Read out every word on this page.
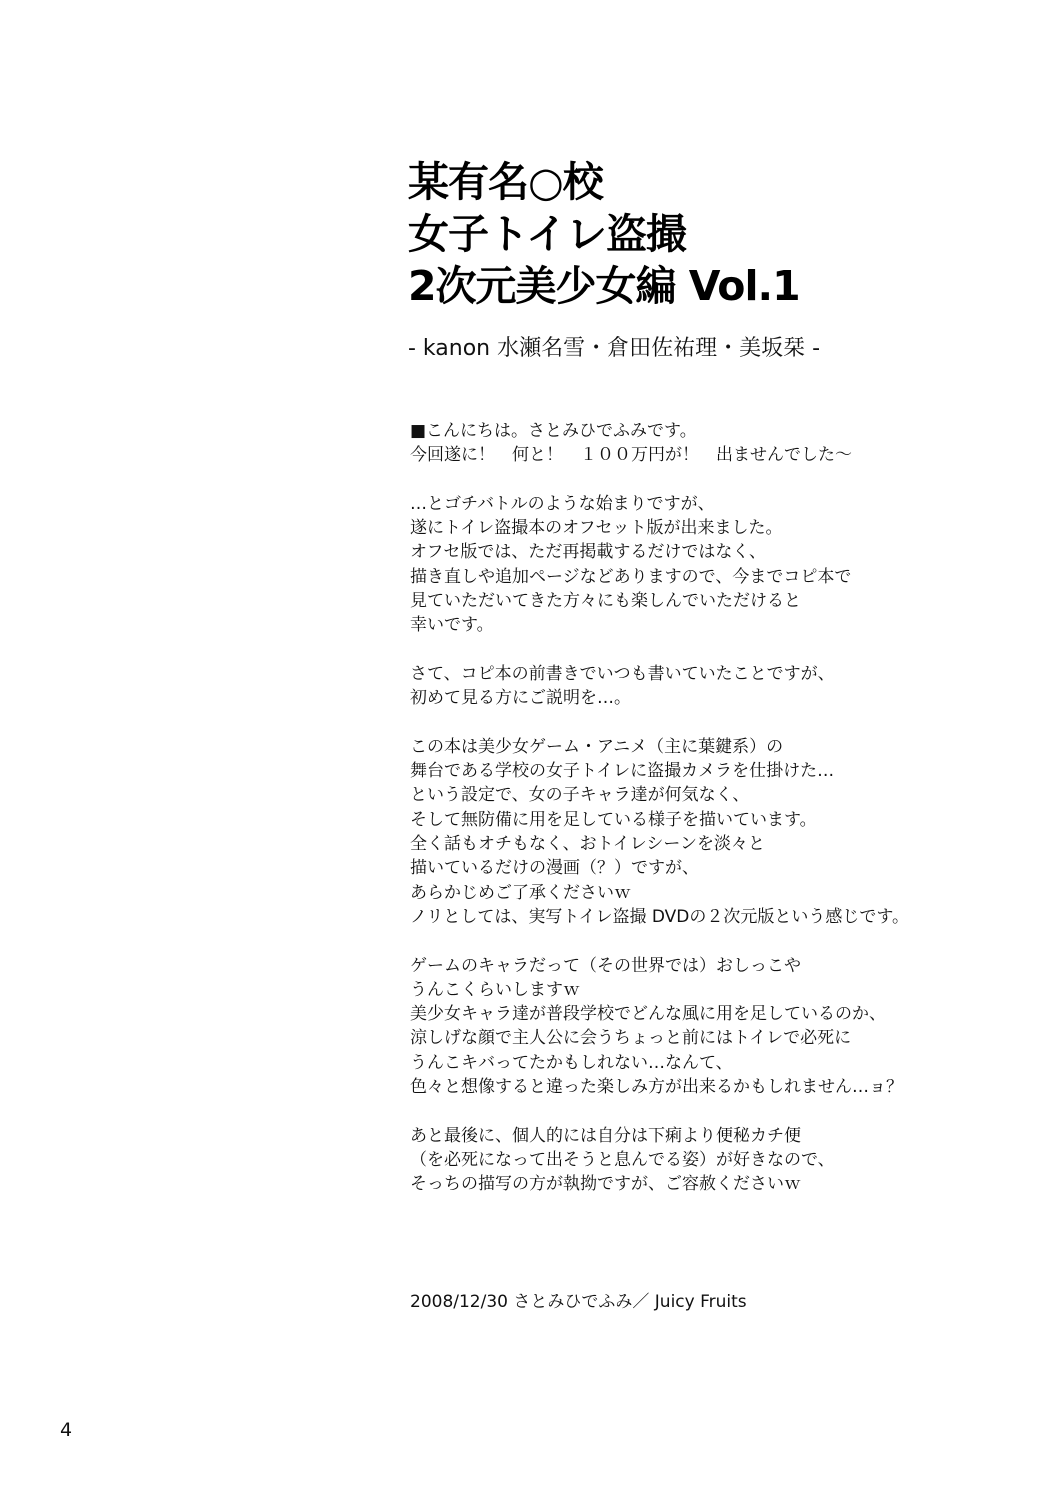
某有名○校
女子トイレ盗撮
2次元美少女編 Vol.1
- kanon 水瀬名雪・倉田佐祐理・美坂栞 -
■こんにちは。さとみひでふみです。
今回遂に！　何と！　１００万円が！　出ませんでした～
…とゴチバトルのような始まりですが、
遂にトイレ盗撮本のオフセット版が出来ました。
オフセ版では、ただ再掲載するだけではなく、
描き直しや追加ページなどありますので、今までコピ本で
見ていただいてきた方々にも楽しんでいただけると
幸いです。
さて、コピ本の前書きでいつも書いていたことですが、
初めて見る方にご説明を…。
この本は美少女ゲーム・アニメ（主に葉鍵系）の
舞台である学校の女子トイレに盗撮カメラを仕掛けた…
という設定で、女の子キャラ達が何気なく、
そして無防備に用を足している様子を描いています。
全く話もオチもなく、おトイレシーンを淡々と
描いているだけの漫画（？）ですが、
あらかじめご了承くださいｗ
ノリとしては、実写トイレ盗撮 DVDの２次元版という感じです。
ゲームのキャラだって（その世界では）おしっこや
うんこくらいしますｗ
美少女キャラ達が普段学校でどんな風に用を足しているのか、
涼しげな顔で主人公に会うちょっと前にはトイレで必死に
うんこキバってたかもしれない…なんて、
色々と想像すると違った楽しみ方が出来るかもしれません…ョ？
あと最後に、個人的には自分は下痢より便秘カチ便
（を必死になって出そうと息んでる姿）が好きなので、
そっちの描写の方が執拗ですが、ご容赦くださいｗ
2008/12/30 さとみひでふみ／ Juicy Fruits
4
